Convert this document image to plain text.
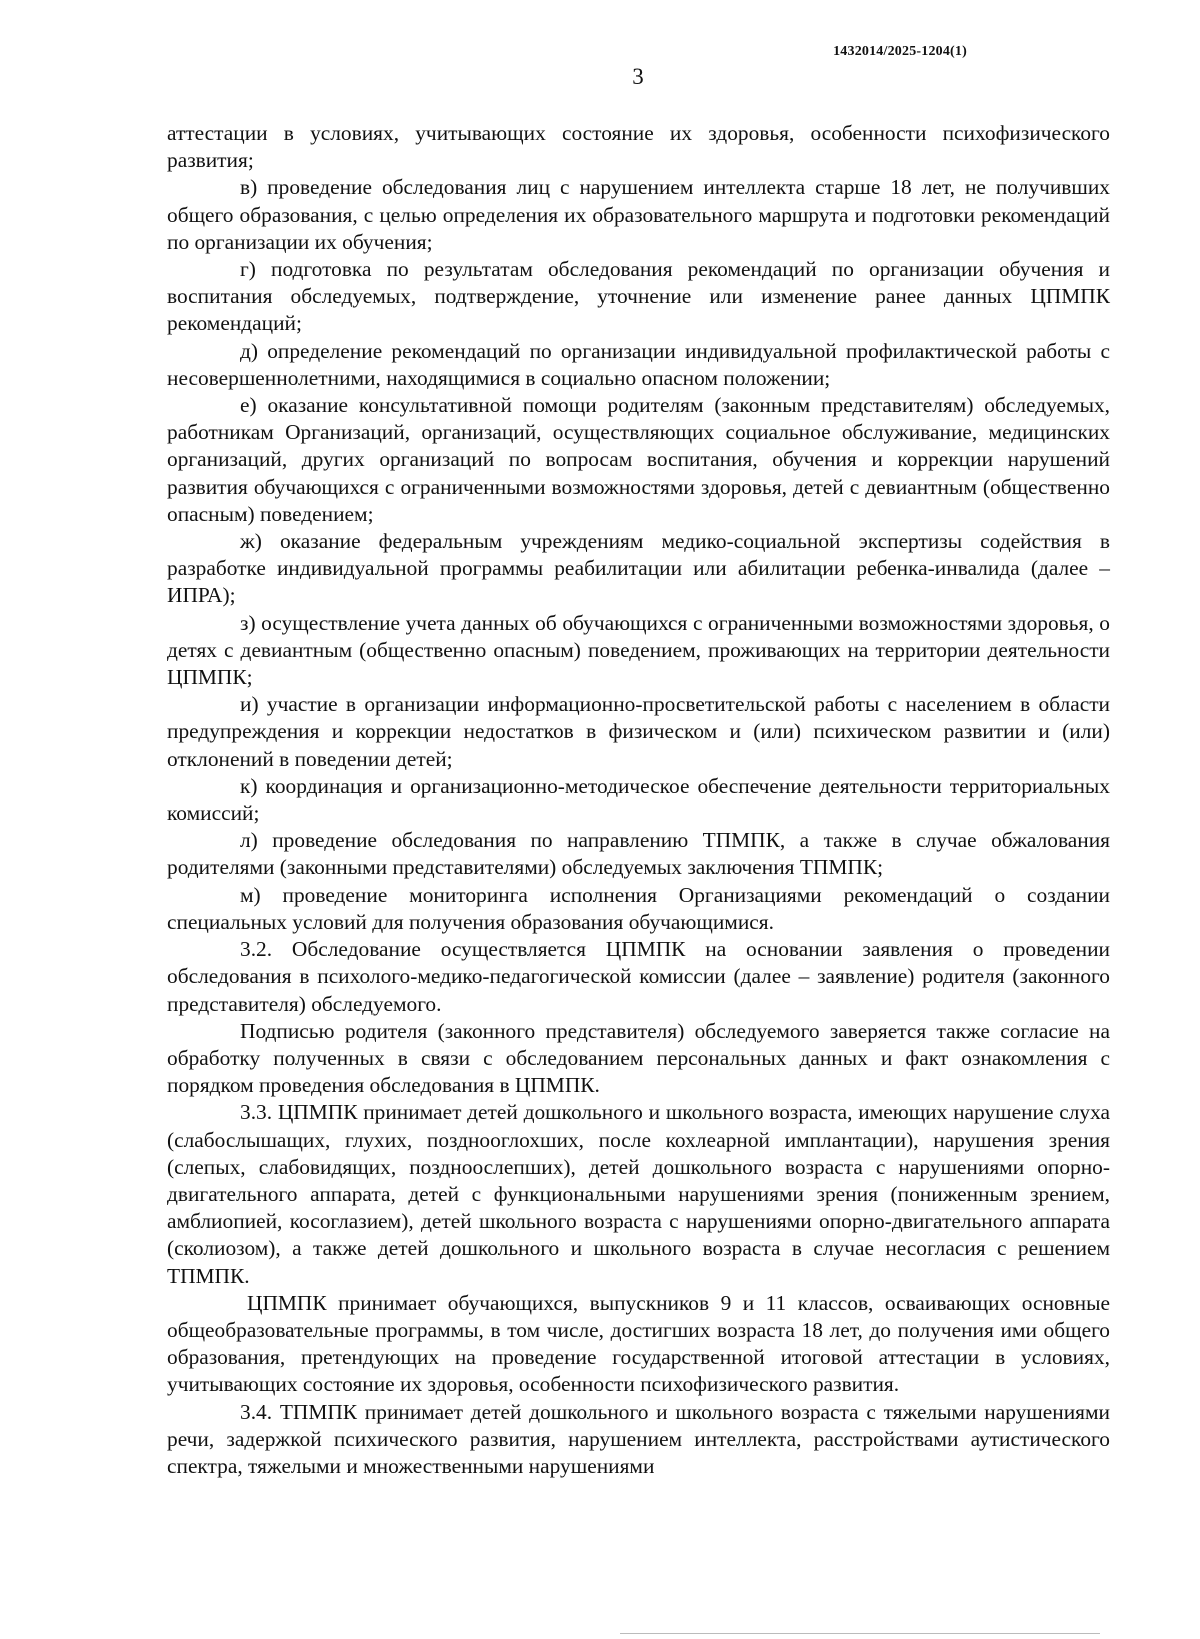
1432014/2025-1204(1)
3

аттестации в условиях, учитывающих состояние их здоровья, особенности психофизического развития;

в) проведение обследования лиц с нарушением интеллекта старше 18 лет, не получивших общего образования, с целью определения их образовательного маршрута и подготовки рекомендаций по организации их обучения;

г) подготовка по результатам обследования рекомендаций по организации обучения и воспитания обследуемых, подтверждение, уточнение или изменение ранее данных ЦПМПК рекомендаций;

д) определение рекомендаций по организации индивидуальной профилактической работы с несовершеннолетними, находящимися в социально опасном положении;

е) оказание консультативной помощи родителям (законным представителям) обследуемых, работникам Организаций, организаций, осуществляющих социальное обслуживание, медицинских организаций, других организаций по вопросам воспитания, обучения и коррекции нарушений развития обучающихся с ограниченными возможностями здоровья, детей с девиантным (общественно опасным) поведением;

ж) оказание федеральным учреждениям медико-социальной экспертизы содействия в разработке индивидуальной программы реабилитации или абилитации ребенка-инвалида (далее – ИПРА);

з) осуществление учета данных об обучающихся с ограниченными возможностями здоровья, о детях с девиантным (общественно опасным) поведением, проживающих на территории деятельности ЦПМПК;

и) участие в организации информационно-просветительской работы с населением в области предупреждения и коррекции недостатков в физическом и (или) психическом развитии и (или) отклонений в поведении детей;

к) координация и организационно-методическое обеспечение деятельности территориальных комиссий;

л) проведение обследования по направлению ТПМПК, а также в случае обжалования родителями (законными представителями) обследуемых заключения ТПМПК;

м) проведение мониторинга исполнения Организациями рекомендаций о создании специальных условий для получения образования обучающимися.

3.2. Обследование осуществляется ЦПМПК на основании заявления о проведении обследования в психолого-медико-педагогической комиссии (далее – заявление) родителя (законного представителя) обследуемого.

Подписью родителя (законного представителя) обследуемого заверяется также согласие на обработку полученных в связи с обследованием персональных данных и факт ознакомления с порядком проведения обследования в ЦПМПК.

3.3. ЦПМПК принимает детей дошкольного и школьного возраста, имеющих нарушение слуха (слабослышащих, глухих, позднооглохших, после кохлеарной имплантации), нарушения зрения (слепых, слабовидящих, поздноослепших), детей дошкольного возраста с нарушениями опорно-двигательного аппарата, детей с функциональными нарушениями зрения (пониженным зрением, амблиопией, косоглазием), детей школьного возраста с нарушениями опорно-двигательного аппарата (сколиозом), а также детей дошкольного и школьного возраста в случае несогласия с решением ТПМПК.

ЦПМПК принимает обучающихся, выпускников 9 и 11 классов, осваивающих основные общеобразовательные программы, в том числе, достигших возраста 18 лет, до получения ими общего образования, претендующих на проведение государственной итоговой аттестации в условиях, учитывающих состояние их здоровья, особенности психофизического развития.

3.4. ТПМПК принимает детей дошкольного и школьного возраста с тяжелыми нарушениями речи, задержкой психического развития, нарушением интеллекта, расстройствами аутистического спектра, тяжелыми и множественными нарушениями
